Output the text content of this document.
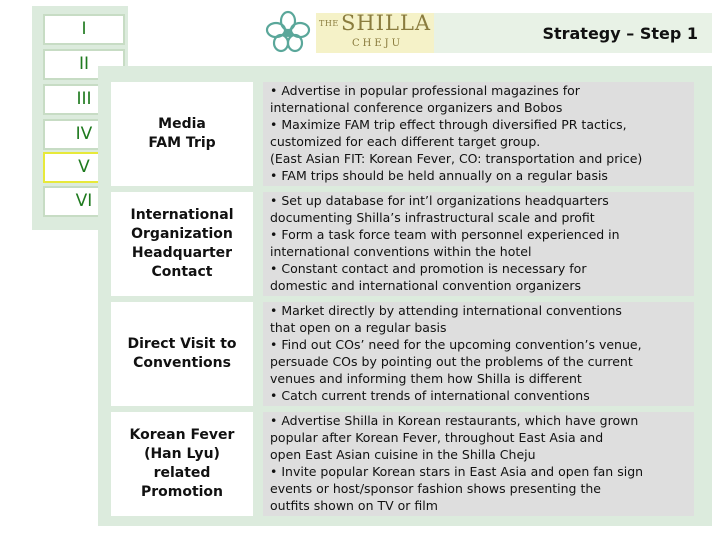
I
II
III
IV
V
VI
THE SHILLA
CHEJU
Strategy – Step 1
Media
FAM Trip
• Advertise in popular professional magazines for
international conference organizers and Bobos
• Maximize FAM trip effect through diversified PR tactics,
customized for each different target group.
(East Asian FIT: Korean Fever, CO: transportation and price)
• FAM trips should be held annually on a regular basis
International
Organization
Headquarter
Contact
• Set up database for int’l organizations headquarters
documenting Shilla’s infrastructural scale and profit
• Form a task force team with personnel experienced in
international conventions within the hotel
• Constant contact and promotion is necessary for
domestic and international convention organizers
Direct Visit to
Conventions
• Market directly by attending international conventions
that open on a regular basis
• Find out COs’ need for the upcoming convention’s venue,
persuade COs by pointing out the problems of the current
venues and informing them how Shilla is different
• Catch current trends of international conventions
Korean Fever
(Han Lyu)
related
Promotion
• Advertise Shilla in Korean restaurants, which have grown
popular after Korean Fever, throughout East Asia and
open East Asian cuisine in the Shilla Cheju
• Invite popular Korean stars in East Asia and open fan sign
events or host/sponsor fashion shows presenting the
outfits shown on TV or film
